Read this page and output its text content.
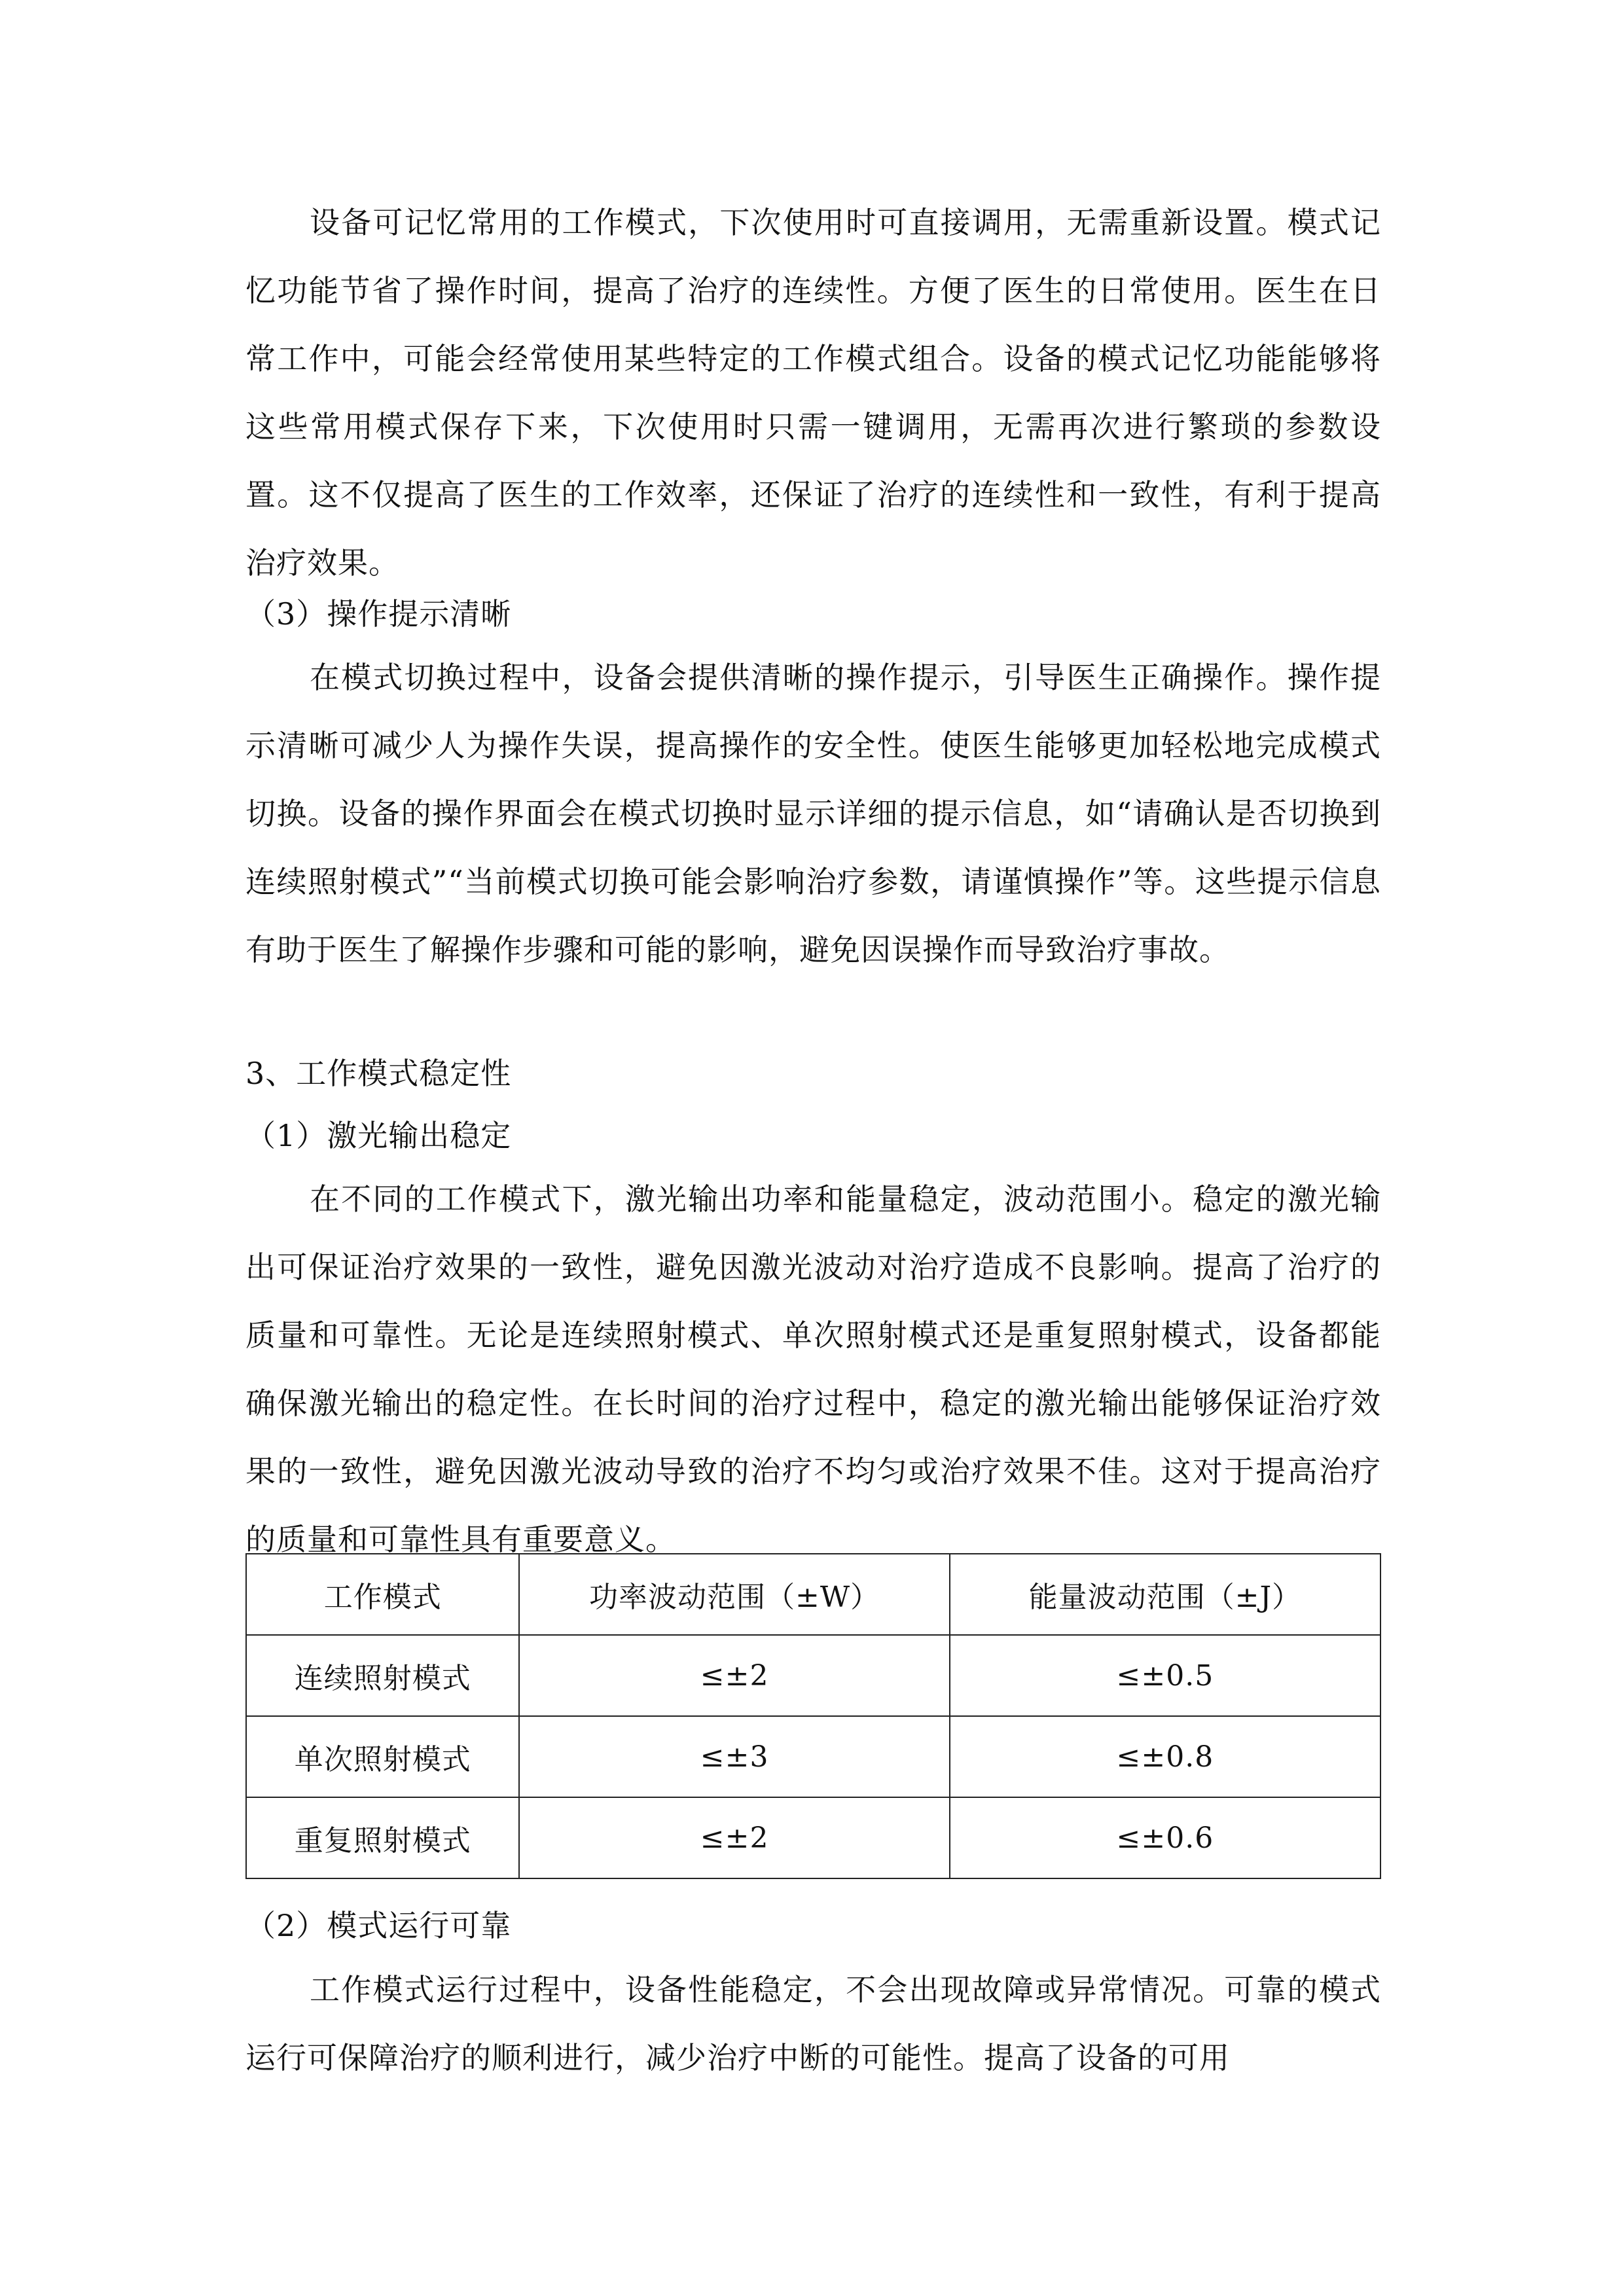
设备可记忆常用的工作模式，下次使用时可直接调用，无需重新设置。模式记忆功能节省了操作时间，提高了治疗的连续性。方便了医生的日常使用。医生在日常工作中，可能会经常使用某些特定的工作模式组合。设备的模式记忆功能能够将这些常用模式保存下来，下次使用时只需一键调用，无需再次进行繁琐的参数设置。这不仅提高了医生的工作效率，还保证了治疗的连续性和一致性，有利于提高治疗效果。

（3）操作提示清晰

在模式切换过程中，设备会提供清晰的操作提示，引导医生正确操作。操作提示清晰可减少人为操作失误，提高操作的安全性。使医生能够更加轻松地完成模式切换。设备的操作界面会在模式切换时显示详细的提示信息，如“请确认是否切换到连续照射模式”“当前模式切换可能会影响治疗参数，请谨慎操作”等。这些提示信息有助于医生了解操作步骤和可能的影响，避免因误操作而导致治疗事故。

3、工作模式稳定性

（1）激光输出稳定

在不同的工作模式下，激光输出功率和能量稳定，波动范围小。稳定的激光输出可保证治疗效果的一致性，避免因激光波动对治疗造成不良影响。提高了治疗的质量和可靠性。无论是连续照射模式、单次照射模式还是重复照射模式，设备都能确保激光输出的稳定性。在长时间的治疗过程中，稳定的激光输出能够保证治疗效果的一致性，避免因激光波动导致的治疗不均匀或治疗效果不佳。这对于提高治疗的质量和可靠性具有重要意义。

工作模式	功率波动范围（±W）	能量波动范围（±J）
连续照射模式	≤±2	≤±0.5
单次照射模式	≤±3	≤±0.8
重复照射模式	≤±2	≤±0.6

（2）模式运行可靠

工作模式运行过程中，设备性能稳定，不会出现故障或异常情况。可靠的模式运行可保障治疗的顺利进行，减少治疗中断的可能性。提高了设备的可用
